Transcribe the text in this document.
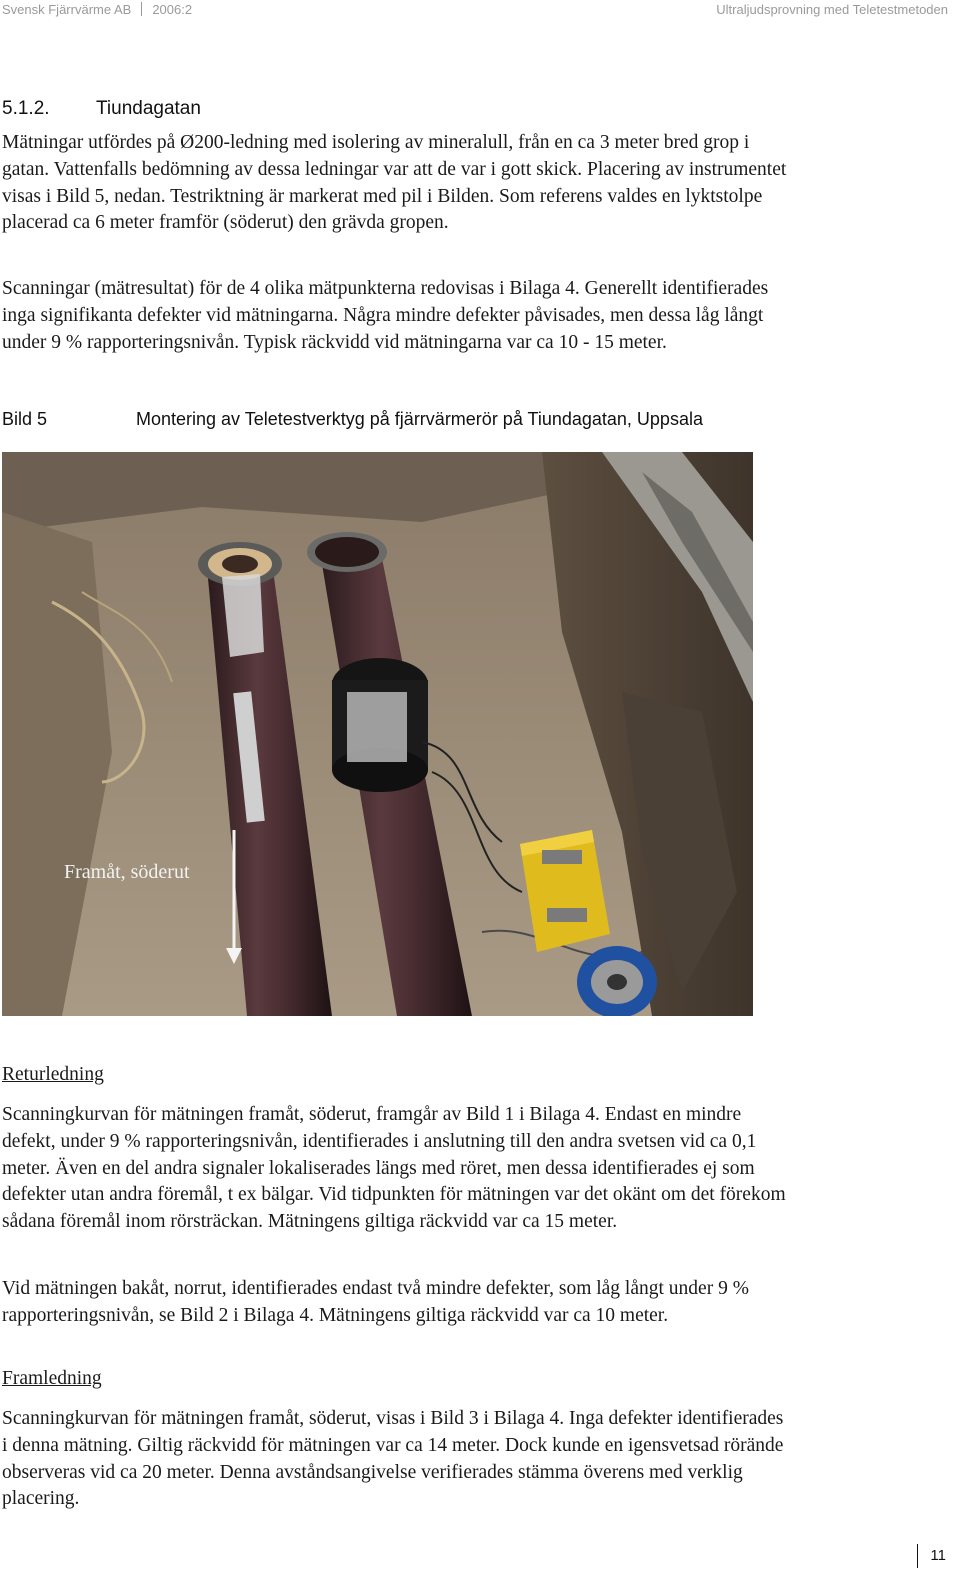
Svensk Fjärrvärme AB 2006:2	Ultraljudsprovning med Teletestmetoden
5.1.2. Tiundagatan

Mätningar utfördes på Ø200-ledning med isolering av mineralull, från en ca 3 meter bred grop i gatan. Vattenfalls bedömning av dessa ledningar var att de var i gott skick. Placering av instrumentet visas i Bild 5, nedan. Testriktning är markerat med pil i Bilden. Som referens valdes en lyktstolpe placerad ca 6 meter framför (söderut) den grävda gropen.

Scanningar (mätresultat) för de 4 olika mätpunkterna redovisas i Bilaga 4. Generellt identifierades inga signifikanta defekter vid mätningarna. Några mindre defekter påvisades, men dessa låg långt under 9 % rapporteringsnivån. Typisk räckvidd vid mätningarna var ca 10 - 15 meter.

Bild 5	Montering av Teletestverktyg på fjärrvärmerör på Tiundagatan, Uppsala
Framåt, söderut
Returledning

Scanningkurvan för mätningen framåt, söderut, framgår av Bild 1 i Bilaga 4. Endast en mindre defekt, under 9 % rapporteringsnivån, identifierades i anslutning till den andra svetsen vid ca 0,1 meter. Även en del andra signaler lokaliserades längs med röret, men dessa identifierades ej som defekter utan andra föremål, t ex bälgar. Vid tidpunkten för mätningen var det okänt om det förekom sådana föremål inom rörsträckan. Mätningens giltiga räckvidd var ca 15 meter.

Vid mätningen bakåt, norrut, identifierades endast två mindre defekter, som låg långt under 9 % rapporteringsnivån, se Bild 2 i Bilaga 4. Mätningens giltiga räckvidd var ca 10 meter.

Framledning

Scanningkurvan för mätningen framåt, söderut, visas i Bild 3 i Bilaga 4. Inga defekter identifierades i denna mätning. Giltig räckvidd för mätningen var ca 14 meter. Dock kunde en igensvetsad rörände observeras vid ca 20 meter. Denna avståndsangivelse verifierades stämma överens med verklig placering.

11
